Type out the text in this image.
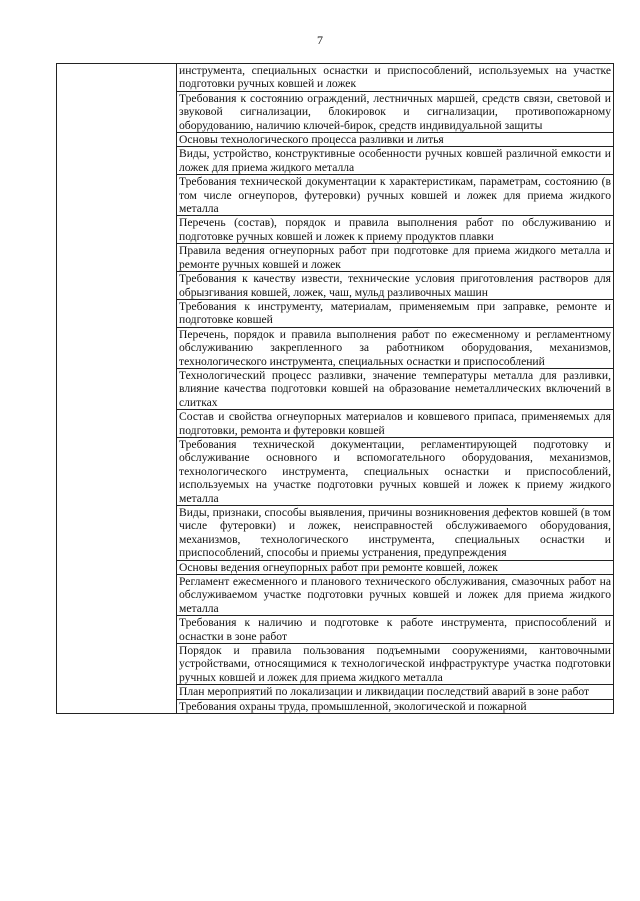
7
	инструмента, специальных оснастки и приспособлений, используемых на участке подготовки ручных ковшей и ложек
Требования к состоянию ограждений, лестничных маршей, средств связи, световой и звуковой сигнализации, блокировок и сигнализации, противопожарному оборудованию, наличию ключей-бирок, средств индивидуальной защиты
Основы технологического процесса разливки и литья
Виды, устройство, конструктивные особенности ручных ковшей различной емкости и ложек для приема жидкого металла
Требования технической документации к характеристикам, параметрам, состоянию (в том числе огнеупоров, футеровки) ручных ковшей и ложек для приема жидкого металла
Перечень (состав), порядок и правила выполнения работ по обслуживанию и подготовке ручных ковшей и ложек к приему продуктов плавки
Правила ведения огнеупорных работ при подготовке для приема жидкого металла и ремонте ручных ковшей и ложек
Требования к качеству извести, технические условия приготовления растворов для обрызгивания ковшей, ложек, чаш, мульд разливочных машин
Требования к инструменту, материалам, применяемым при заправке, ремонте и подготовке ковшей
Перечень, порядок и правила выполнения работ по ежесменному и регламентному обслуживанию закрепленного за работником оборудования, механизмов, технологического инструмента, специальных оснастки и приспособлений
Технологический процесс разливки, значение температуры металла для разливки, влияние качества подготовки ковшей на образование неметаллических включений в слитках
Состав и свойства огнеупорных материалов и ковшевого припаса, применяемых для подготовки, ремонта и футеровки ковшей
Требования технической документации, регламентирующей подготовку и обслуживание основного и вспомогательного оборудования, механизмов, технологического инструмента, специальных оснастки и приспособлений, используемых на участке подготовки ручных ковшей и ложек к приему жидкого металла
Виды, признаки, способы выявления, причины возникновения дефектов ковшей (в том числе футеровки) и ложек, неисправностей обслуживаемого оборудования, механизмов, технологического инструмента, специальных оснастки и приспособлений, способы и приемы устранения, предупреждения
Основы ведения огнеупорных работ при ремонте ковшей, ложек
Регламент ежесменного и планового технического обслуживания, смазочных работ на обслуживаемом участке подготовки ручных ковшей и ложек для приема жидкого металла
Требования к наличию и подготовке к работе инструмента, приспособлений и оснастки в зоне работ
Порядок и правила пользования подъемными сооружениями, кантовочными устройствами, относящимися к технологической инфраструктуре участка подготовки ручных ковшей и ложек для приема жидкого металла
План мероприятий по локализации и ликвидации последствий аварий в зоне работ
Требования охраны труда, промышленной, экологической и пожарной
